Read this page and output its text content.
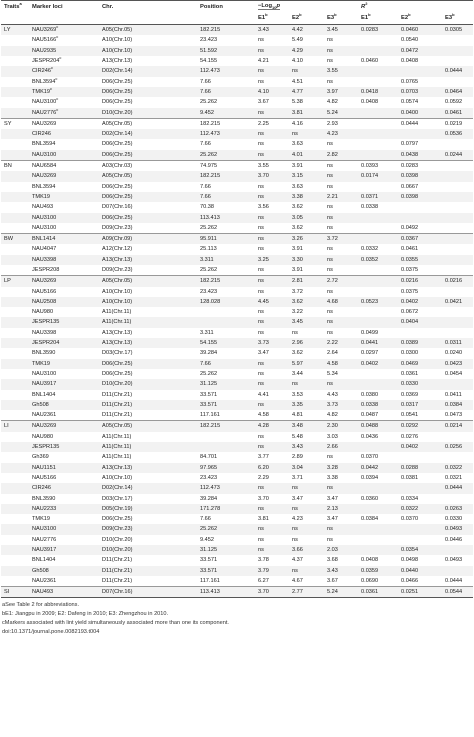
Traits$^a$	Marker loci	Chr.	Position	−Log$_{10}$p			$R^2$
				E1$^b$	E2$^b$	E3$^b$	E1$^b$	E2$^b$	E3$^b$
LY	NAU3269$^c$	A05(Chr.05)	182.215	3.43	4.42	3.45	0.0283	0.0460	0.0305
	NAU5166$^c$	A10(Chr.10)	23.423	ns	5.49	ns		0.0540	
	NAU2935	A10(Chr.10)	51.592	ns	4.29	ns		0.0472	
	JESPR204$^c$	A13(Chr.13)	54.155	4.21	4.10	ns	0.0460	0.0408	
	CIR246$^c$	D02(Chr.14)	112.473	ns	ns	3.55			0.0444
	BNL3594$^c$	D06(Chr.25)	7.66	ns	4.51	ns		0.0765	
	TMK19$^c$	D06(Chr.25)	7.66	4.10	4.77	3.97	0.0418	0.0703	0.0464
	NAU3100$^c$	D06(Chr.25)	25.262	3.67	5.38	4.82	0.0408	0.0574	0.0592
	NAU2776$^c$	D10(Chr.20)	9.452	ns	3.81	5.24		0.0400	0.0461
SY	NAU3269	A05(Chr.05)	182.215	2.25	4.16	2.93		0.0444	0.0219
	CIR246	D02(Chr.14)	112.473	ns	ns	4.23			0.0536
	BNL3594	D06(Chr.25)	7.66	ns	3.63	ns		0.0797	
	NAU3100	D06(Chr.25)	25.262	ns	4.01	2.82		0.0438	0.0244
BN	NAU6584	A03(Chr.03)	74.975	3.55	3.91	ns	0.0393	0.0283	
	NAU3269	A05(Chr.05)	182.215	3.70	3.15	ns	0.0174	0.0398	
	BNL3594	D06(Chr.25)	7.66	ns	3.63	ns		0.0667	
	TMK19	D06(Chr.25)	7.66	ns	3.38	2.21	0.0371	0.0398	
	NAU493	D07(Chr.16)	70.38	3.56	3.62	ns	0.0338		
	NAU3100	D06(Chr.25)	113.413	ns	3.05	ns			
	NAU3100	D09(Chr.23)	25.262	ns	3.62	ns		0.0492	
BW	BNL1414	A09(Chr.09)	95.911	ns	3.26	3.72		0.0367	
	NAU4047	A12(Chr.12)	25.113	ns	3.91	ns	0.0332	0.0461	
	NAU3398	A13(Chr.13)	3.311	3.25	3.30	ns	0.0352	0.0355	
	JESPR208	D09(Chr.23)	25.262	ns	3.91	ns		0.0375	
LP	NAU3269	A05(Chr.05)	182.215	ns	2.81	2.72		0.0216	0.0216
	NAU5166	A10(Chr.10)	23.423	ns	3.72	ns		0.0375	
	NAU2508	A10(Chr.10)	128.028	4.45	3.62	4.68	0.0523	0.0402	0.0421
	NAU980	A11(Chr.11)		ns	3.22	ns		0.0672	
	JESPR135	A11(Chr.11)		ns	3.45	ns		0.0404	
	NAU3398	A13(Chr.13)	3.311	ns	ns	ns	0.0499		
	JESPR204	A13(Chr.13)	54.155	3.73	2.96	2.22	0.0441	0.0389	0.0311
	BNL3590	D03(Chr.17)	39.284	3.47	3.62	2.64	0.0297	0.0300	0.0240
	TMK19	D06(Chr.25)	7.66	ns	5.97	4.58	0.0402	0.0469	0.0423
	NAU3100	D06(Chr.25)	25.262	ns	3.44	5.34		0.0361	0.0454
	NAU3917	D10(Chr.20)	31.125	ns	ns	ns		0.0330	
	BNL1404	D11(Chr.21)	33.571	4.41	3.53	4.43	0.0380	0.0369	0.0411
	Gh508	D11(Chr.21)	33.571	ns	3.35	3.73	0.0338	0.0317	0.0384
	NAU2361	D11(Chr.21)	117.161	4.58	4.81	4.82	0.0487	0.0541	0.0473
LI	NAU3269	A05(Chr.05)	182.215	4.28	3.48	2.30	0.0488	0.0292	0.0214
	NAU980	A11(Chr.11)		ns	5.48	3.03	0.0436	0.0276	
	JESPR135	A11(Chr.11)		ns	3.43	2.66		0.0402	0.0256
	Gh369	A11(Chr.11)	84.701	3.77	2.89	ns	0.0370		
	NAU1151	A13(Chr.13)	97.965	6.20	3.04	3.28	0.0442	0.0288	0.0322
	NAU5166	A10(Chr.10)	23.423	2.29	3.71	3.38	0.0394	0.0381	0.0321
	CIR246	D02(Chr.14)	112.473	ns	ns	ns			0.0444
	BNL3590	D03(Chr.17)	39.284	3.70	3.47	3.47	0.0360	0.0334	
	NAU2233	D05(Chr.19)	171.278	ns	ns	2.13		0.0322	0.0263
	TMK19	D06(Chr.25)	7.66	3.81	4.23	3.47	0.0384	0.0370	0.0330
	NAU3100	D09(Chr.23)	25.262	ns	ns	ns			0.0493
	NAU2776	D10(Chr.20)	9.452	ns	ns	ns			0.0446
	NAU3917	D10(Chr.20)	31.125	ns	3.66	2.03		0.0354	
	BNL1404	D11(Chr.21)	33.571	3.78	4.37	3.68	0.0408	0.0498	0.0493
	Gh508	D11(Chr.21)	33.571	3.79	ns	3.43	0.0359	0.0440	
	NAU2361	D11(Chr.21)	117.161	6.27	4.67	3.67	0.0690	0.0466	0.0444
SI	NAU493	D07(Chr.16)	113.413	3.70	2.77	5.24	0.0361	0.0251	0.0544
aSee Table 2 for abbreviations.
bE1: Jiangpu in 2009; E2: Dafeng in 2010; E3: Zhengzhou in 2010.
cMarkers associated with lint yield simultaneously associated more than one its component.
doi:10.1371/journal.pone.0082193.t004
